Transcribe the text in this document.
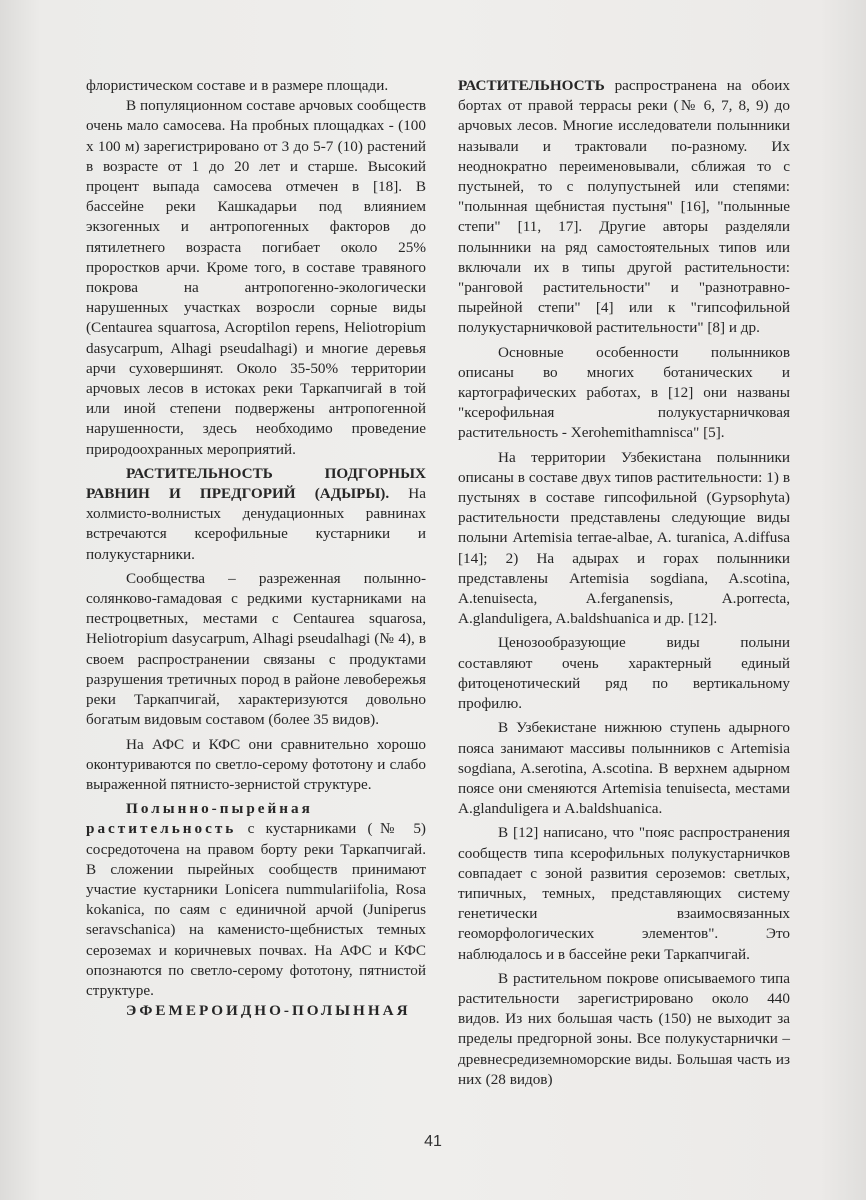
флористическом составе и в размере площади.

В популяционном составе арчовых сообществ очень мало самосева. На пробных площадках - (100 х 100 м) зарегистрировано от 3 до 5-7 (10) растений в возрасте от 1 до 20 лет и старше. Высокий процент выпада самосева отмечен в [18]. В бассейне реки Кашкадарьи под влиянием экзогенных и антропогенных факторов до пятилетнего возраста погибает около 25% проростков арчи. Кроме того, в составе травяного покрова на антропогенно-экологически нарушенных участках возросли сорные виды (Centaurea squarrosa, Acroptilon repens, Heliotropium dasycarpum, Alhagi pseudalhagi) и многие деревья арчи суховершинят. Около 35-50% территории арчовых лесов в истоках реки Таркапчигай в той или иной степени подвержены антропогенной нарушенности, здесь необходимо проведение природоохранных мероприятий.

РАСТИТЕЛЬНОСТЬ ПОДГОРНЫХ РАВНИН И ПРЕДГОРИЙ (АДЫРЫ). На холмисто-волнистых денудационных равнинах встречаются ксерофильные кустарники и полукустарники.

Сообщества – разреженная полынно-солянково-гамадовая с редкими кустарниками на пестроцветных, местами с Centaurea squarosa, Heliotropium dasycarpum, Alhagi pseudalhagi (№ 4), в своем распространении связаны с продуктами разрушения третичных пород в районе левобережья реки Таркапчигай, характеризуются довольно богатым видовым составом (более 35 видов).

На АФС и КФС они сравнительно хорошо оконтуриваются по светло-серому фототону и слабо выраженной пятнисто-зернистой структуре.

Полынно-пырейная растительность с кустарниками (№ 5) сосредоточена на правом борту реки Таркапчигай. В сложении пырейных сообществ принимают участие кустарники Lonicera nummulariifolia, Rosa kokanica, по саям с единичной арчой (Juniperus seravschanica) на каменисто-щебнистых темных сероземах и коричневых почвах. На АФС и КФС опознаются по светло-серому фототону, пятнистой структуре.

ЭФЕМЕРОИДНО-ПОЛЫННАЯ

РАСТИТЕЛЬНОСТЬ распространена на обоих бортах от правой террасы реки (№ 6, 7, 8, 9) до арчовых лесов. Многие исследователи полынники называли и трактовали по-разному. Их неоднократно переименовывали, сближая то с пустыней, то с полупустыней или степями: "полынная щебнистая пустыня" [16], "полынные степи" [11, 17]. Другие авторы разделяли полынники на ряд самостоятельных типов или включали их в типы другой растительности: "ранговой растительности" и "разнотравно-пырейной степи" [4] или к "гипсофильной полукустарничковой растительности" [8] и др.

Основные особенности полынников описаны во многих ботанических и картографических работах, в [12] они названы "ксерофильная полукустарничковая растительность - Xerohemithamnisca" [5].

На территории Узбекистана полынники описаны в составе двух типов растительности: 1) в пустынях в составе гипсофильной (Gypsophyta) растительности представлены следующие виды полыни Artemisia terrae-albae, A. turanica, A.diffusa [14]; 2) На адырах и горах полынники представлены Artemisia sogdiana, A.scotina, A.tenuisecta, A.ferganensis, A.porrecta, A.glanduligera, A.baldshuanica и др. [12].

Ценозообразующие виды полыни составляют очень характерный единый фитоценотический ряд по вертикальному профилю.

В Узбекистане нижнюю ступень адырного пояса занимают массивы полынников с Artemisia sogdiana, A.serotina, A.scotina. В верхнем адырном поясе они сменяются Artemisia tenuisecta, местами A.glanduligera и A.baldshuanica.

В [12] написано, что "пояс распространения сообществ типа ксерофильных полукустарничков совпадает с зоной развития сероземов: светлых, типичных, темных, представляющих систему генетически взаимосвязанных геоморфологических элементов". Это наблюдалось и в бассейне реки Таркапчигай.

В растительном покрове описываемого типа растительности зарегистрировано около 440 видов. Из них большая часть (150) не выходит за пределы предгорной зоны. Все полукустарнички – древнесредиземноморские виды. Большая часть из них (28 видов)

41
